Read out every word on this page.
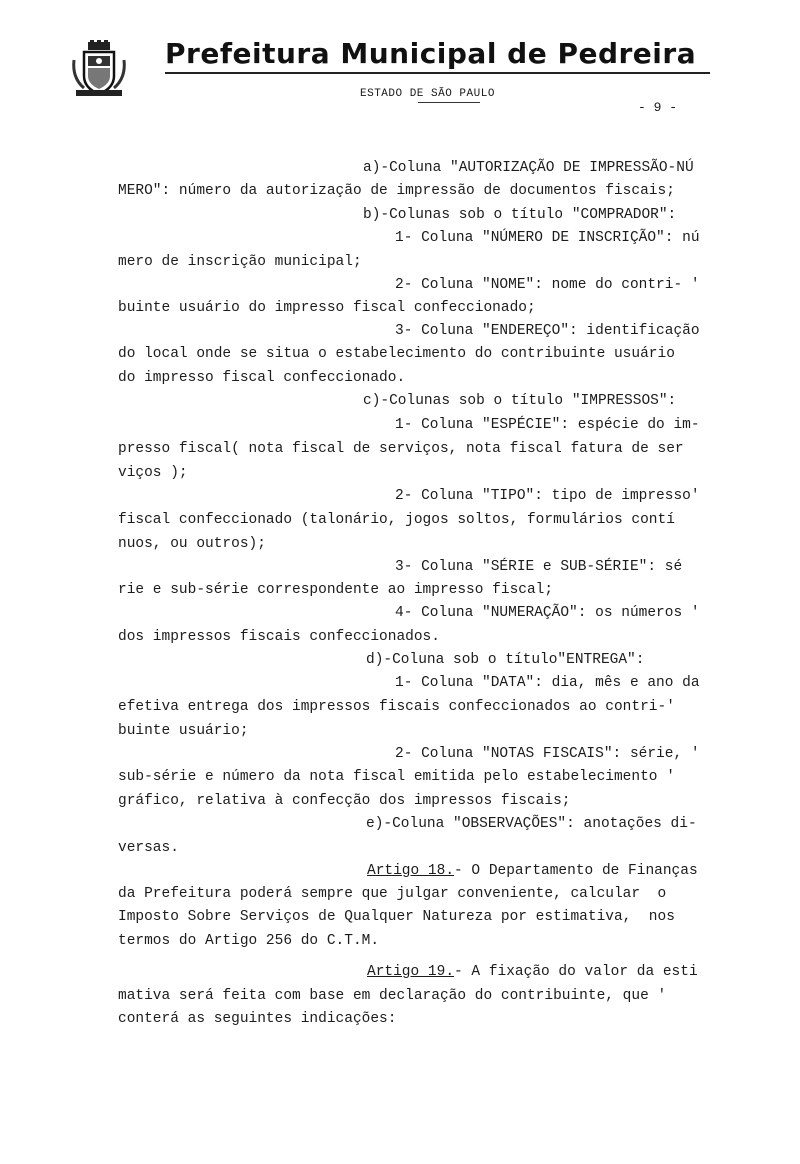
Prefeitura Municipal de Pedreira
ESTADO DE SÃO PAULO
- 9 -
a)-Coluna "AUTORIZAÇÃO DE IMPRESSÃO-NÚ
MERO": número da autorização de impressão de documentos fiscais;
b)-Colunas sob o título "COMPRADOR":
1- Coluna "NÚMERO DE INSCRIÇÃO": nú
mero de inscrição municipal;
2- Coluna "NOME": nome do contri- '
buinte usuário do impresso fiscal confeccionado;
3- Coluna "ENDEREÇO": identificação
do local onde se situa o estabelecimento do contribuinte usuário
do impresso fiscal confeccionado.
c)-Colunas sob o título "IMPRESSOS":
1- Coluna "ESPÉCIE": espécie do im-
presso fiscal( nota fiscal de serviços, nota fiscal fatura de ser
viços );
2- Coluna "TIPO": tipo de impresso'
fiscal confeccionado (talonário, jogos soltos, formulários contí
nuos, ou outros);
3- Coluna "SÉRIE e SUB-SÉRIE": sé
rie e sub-série correspondente ao impresso fiscal;
4- Coluna "NUMERAÇÃO": os números '
dos impressos fiscais confeccionados.
d)-Coluna sob o título"ENTREGA":
1- Coluna "DATA": dia, mês e ano da
efetiva entrega dos impressos fiscais confeccionados ao contri-'
buinte usuário;
2- Coluna "NOTAS FISCAIS": série, '
sub-série e número da nota fiscal emitida pelo estabelecimento '
gráfico, relativa à confecção dos impressos fiscais;
e)-Coluna "OBSERVAÇÕES": anotações di-
versas.
Artigo 18.- O Departamento de Finanças
da Prefeitura poderá sempre que julgar conveniente, calcular  o
Imposto Sobre Serviços de Qualquer Natureza por estimativa,  nos
termos do Artigo 256 do C.T.M.
Artigo 19.- A fixação do valor da esti
mativa será feita com base em declaração do contribuinte, que '
conterá as seguintes indicações:
